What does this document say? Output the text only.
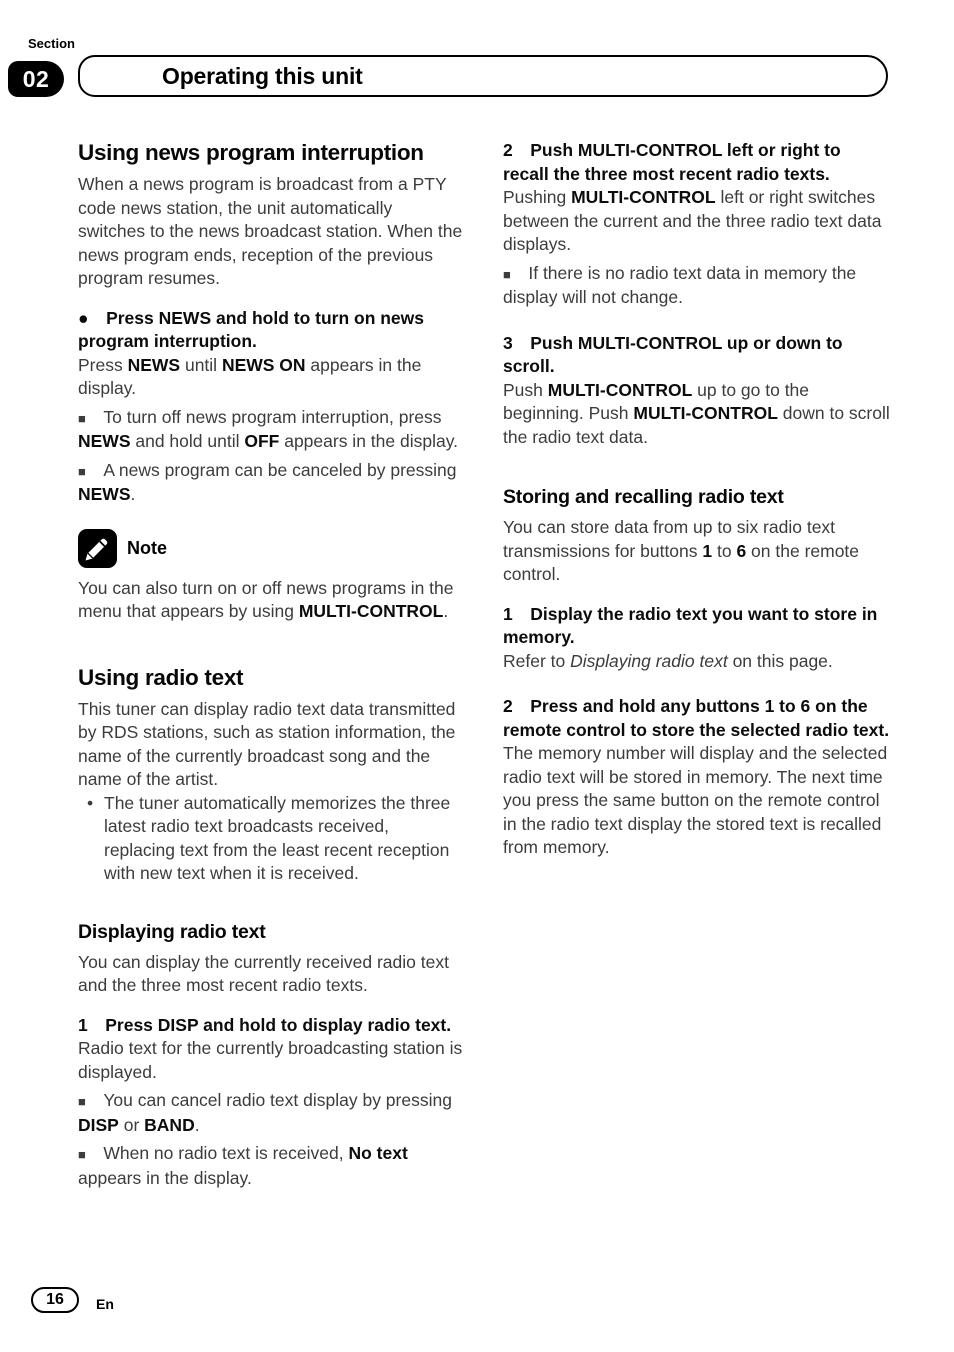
Section
02	Operating this unit
Using news program interruption

When a news program is broadcast from a PTY code news station, the unit automatically switches to the news broadcast station. When the news program ends, reception of the previous program resumes.

●  Press NEWS and hold to turn on news program interruption.

Press NEWS until NEWS ON appears in the display.

■   To turn off news program interruption, press NEWS and hold until OFF appears in the display.

■   A news program can be canceled by pressing NEWS.

Note

You can also turn on or off news programs in the menu that appears by using MULTI-CONTROL.

Using radio text

This tuner can display radio text data transmitted by RDS stations, such as station information, the name of the currently broadcast song and the name of the artist.

• The tuner automatically memorizes the three latest radio text broadcasts received, replacing text from the least recent reception with new text when it is received.
Displaying radio text

You can display the currently received radio text and the three most recent radio texts.

1  Press DISP and hold to display radio text.

Radio text for the currently broadcasting station is displayed.

■   You can cancel radio text display by pressing DISP or BAND.

■   When no radio text is received, No text appears in the display.

2  Push MULTI-CONTROL left or right to recall the three most recent radio texts.

Pushing MULTI-CONTROL left or right switches between the current and the three radio text data displays.

■   If there is no radio text data in memory the display will not change.

3  Push MULTI-CONTROL up or down to scroll.

Push MULTI-CONTROL up to go to the beginning. Push MULTI-CONTROL down to scroll the radio text data.

Storing and recalling radio text

You can store data from up to six radio text transmissions for buttons 1 to 6 on the remote control.

1  Display the radio text you want to store in memory.

Refer to Displaying radio text on this page.

2  Press and hold any buttons 1 to 6 on the remote control to store the selected radio text.

The memory number will display and the selected radio text will be stored in memory. The next time you press the same button on the remote control in the radio text display the stored text is recalled from memory.

16	En
